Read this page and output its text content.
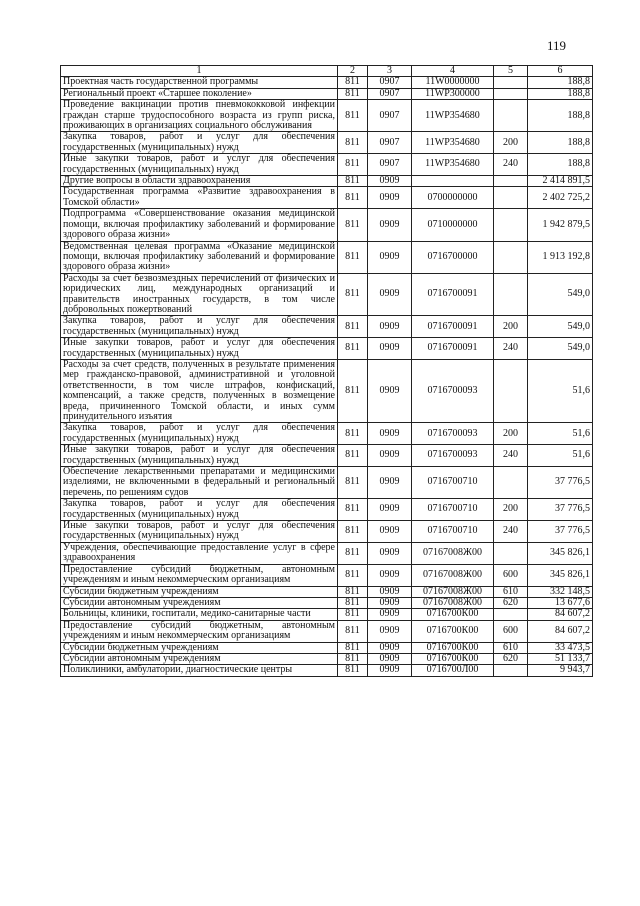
119
1	2	3	4	5	6
Проектная часть государственной программы	811	0907	11W0000000		188,8
Региональный проект «Старшее поколение»	811	0907	11WP300000		188,8
Проведение вакцинации против пневмококковой инфекции граждан старше трудоспособного возраста из групп риска, проживающих в организациях социального обслуживания	811	0907	11WP354680		188,8
Закупка товаров, работ и услуг для обеспечения государственных (муниципальных) нужд	811	0907	11WP354680	200	188,8
Иные закупки товаров, работ и услуг для обеспечения государственных (муниципальных) нужд	811	0907	11WP354680	240	188,8
Другие вопросы в области здравоохранения	811	0909			2 414 891,5
Государственная программа «Развитие здравоохранения в Томской области»	811	0909	0700000000		2 402 725,2
Подпрограмма «Совершенствование оказания медицинской помощи, включая профилактику заболеваний и формирование здорового образа жизни»	811	0909	0710000000		1 942 879,5
Ведомственная целевая программа «Оказание медицинской помощи, включая профилактику заболеваний и формирование здорового образа жизни»	811	0909	0716700000		1 913 192,8
Расходы за счет безвозмездных перечислений от физических и юридических лиц, международных организаций и правительств иностранных государств, в том числе добровольных пожертвований	811	0909	0716700091		549,0
Закупка товаров, работ и услуг для обеспечения государственных (муниципальных) нужд	811	0909	0716700091	200	549,0
Иные закупки товаров, работ и услуг для обеспечения государственных (муниципальных) нужд	811	0909	0716700091	240	549,0
Расходы за счет средств, полученных в результате применения мер гражданско-правовой, административной и уголовной ответственности, в том числе штрафов, конфискаций, компенсаций, а также средств, полученных в возмещение вреда, причиненного Томской области, и иных сумм принудительного изъятия	811	0909	0716700093		51,6
Закупка товаров, работ и услуг для обеспечения государственных (муниципальных) нужд	811	0909	0716700093	200	51,6
Иные закупки товаров, работ и услуг для обеспечения государственных (муниципальных) нужд	811	0909	0716700093	240	51,6
Обеспечение лекарственными препаратами и медицинскими изделиями, не включенными в федеральный и региональный перечень, по решениям судов	811	0909	0716700710		37 776,5
Закупка товаров, работ и услуг для обеспечения государственных (муниципальных) нужд	811	0909	0716700710	200	37 776,5
Иные закупки товаров, работ и услуг для обеспечения государственных (муниципальных) нужд	811	0909	0716700710	240	37 776,5
Учреждения, обеспечивающие предоставление услуг в сфере здравоохранения	811	0909	07167008Ж00		345 826,1
Предоставление субсидий бюджетным, автономным учреждениям и иным некоммерческим организациям	811	0909	07167008Ж00	600	345 826,1
Субсидии бюджетным учреждениям	811	0909	07167008Ж00	610	332 148,5
Субсидии автономным учреждениям	811	0909	07167008Ж00	620	13 677,6
Больницы, клиники, госпитали, медико-санитарные части	811	0909	0716700К00		84 607,2
Предоставление субсидий бюджетным, автономным учреждениям и иным некоммерческим организациям	811	0909	0716700К00	600	84 607,2
Субсидии бюджетным учреждениям	811	0909	0716700К00	610	33 473,5
Субсидии автономным учреждениям	811	0909	0716700К00	620	51 133,7
Поликлиники, амбулатории, диагностические центры	811	0909	0716700Л00		9 943,7
